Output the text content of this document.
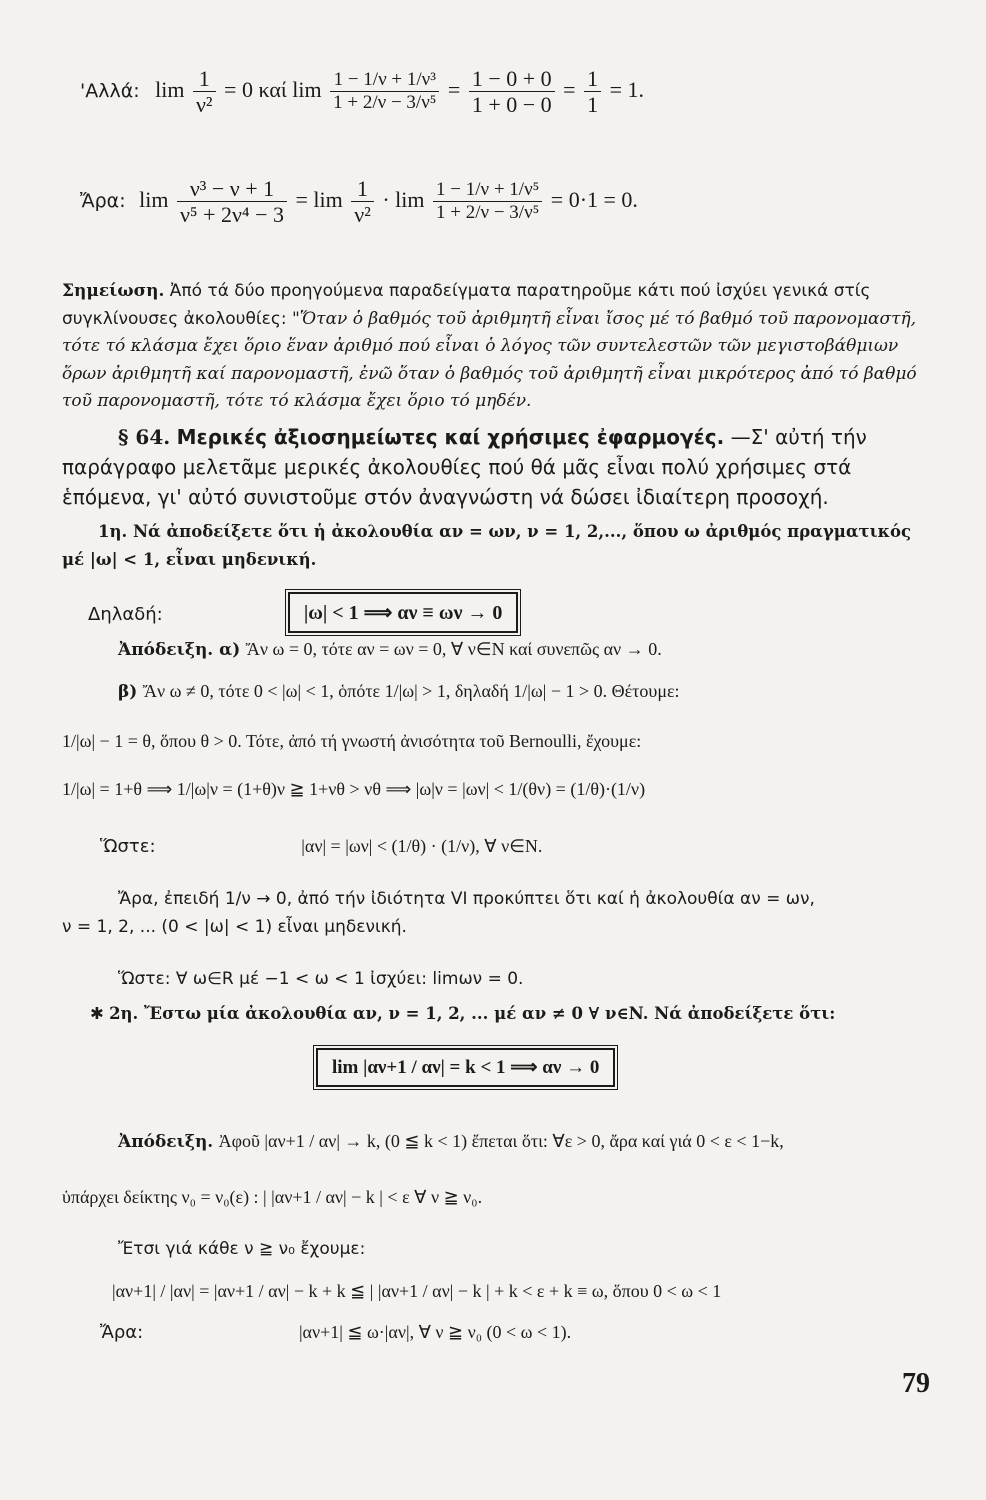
'Αλλά: $\lim \frac{1}{\text{ν²}} = 0$ καί $\lim \frac{\text{1 − 1/ν + 1/ν³}}{\text{1 + 2/ν − 3/ν⁵}} = \frac{1 - 0 + 0}{1 + 0 - 0} = \frac{1}{1} = 1$.
Ἄρα: $\lim \frac{\text{ν³ − ν + 1}}{\text{ν⁵ + 2ν⁴ − 3}} = \lim \frac{1}{\text{ν²}} \cdot \lim \frac{\text{1 − 1/ν + 1/ν⁵}}{\text{1 + 2/ν − 3/ν⁵}} = 0\cdot 1 = 0$.
Σημείωση. Ἀπό τά δύο προηγούμενα παραδείγματα παρατηροῦμε κάτι πού ἰσχύει γενικά στίς συγκλίνουσες ἀκολουθίες: "Ὅταν ὁ βαθμός τοῦ ἀριθμητῆ εἶναι ἴσος μέ τό βαθμό τοῦ παρονομαστῆ, τότε τό κλάσμα ἔχει ὅριο ἕναν ἀριθμό πού εἶναι ὁ λόγος τῶν συντελεστῶν τῶν μεγιστοβάθμιων ὅρων ἀριθμητῆ καί παρονομαστῆ, ἐνῶ ὅταν ὁ βαθμός τοῦ ἀριθμητῆ εἶναι μικρότερος ἀπό τό βαθμό τοῦ παρονομαστῆ, τότε τό κλάσμα ἔχει ὅριο τό μηδέν.
§ 64. Μερικές ἀξιοσημείωτες καί χρήσιμες ἐφαρμογές. —Σ' αὐτή τήν παράγραφο μελετᾶμε μερικές ἀκολουθίες πού θά μᾶς εἶναι πολύ χρήσιμες στά ἑπόμενα, γι' αὐτό συνιστοῦμε στόν ἀναγνώστη νά δώσει ἰδιαίτερη προσοχή.
1η. Νά ἀποδείξετε ὅτι ἡ ἀκολουθία αν = ων, ν = 1, 2,..., ὅπου ω ἀριθμός πραγματικός μέ |ω| < 1, εἶναι μηδενική.
Δηλαδή:	|ω| < 1 ⟹ αν ≡ ων → 0
Ἀπόδειξη. α) Ἄν ω = 0, τότε αν = ων = 0, ∀ ν∈N καί συνεπῶς αν → 0.
β) Ἄν ω ≠ 0, τότε 0 < |ω| < 1, ὁπότε 1/|ω| > 1, δηλαδή 1/|ω| − 1 > 0. Θέτουμε:
1/|ω| − 1 = θ, ὅπου θ > 0. Τότε, ἀπό τή γνωστή ἀνισότητα τοῦ Bernoulli, ἔχουμε:
1/|ω| = 1+θ ⟹ 1/|ω|ν = (1+θ)ν ≧ 1+νθ > νθ ⟹ |ω|ν = |ων| < 1/(θν) = (1/θ)·(1/ν)
Ὥστε:	|αν| = |ων| < (1/θ) · (1/ν), ∀ ν∈N.
Ἄρα, ἐπειδή 1/ν → 0, ἀπό τήν ἰδιότητα VI προκύπτει ὅτι καί ἡ ἀκολουθία αν = ων,
ν = 1, 2, ... (0 < |ω| < 1) εἶναι μηδενική.
Ὥστε: ∀ ω∈R μέ −1 < ω < 1 ἰσχύει: limων = 0.
✱ 2η. Ἔστω μία ἀκολουθία αν, ν = 1, 2, ... μέ αν ≠ 0 ∀ ν∈N. Νά ἀποδείξετε ὅτι:
lim |αν+1 / αν| = k < 1 ⟹ αν → 0
Ἀπόδειξη. Ἀφοῦ |αν+1 / αν| → k, (0 ≦ k < 1) ἔπεται ὅτι: ∀ε > 0, ἄρα καί γιά 0 < ε < 1−k,
ὑπάρχει δείκτης ν₀ = ν₀(ε) : | |αν+1 / αν| − k | < ε ∀ ν ≧ ν₀.
Ἔτσι γιά κάθε ν ≧ ν₀ ἔχουμε:
|αν+1| / |αν| = |αν+1 / αν| − k + k ≦ | |αν+1 / αν| − k | + k < ε + k ≡ ω, ὅπου 0 < ω < 1
Ἄρα:	|αν+1| ≦ ω·|αν|, ∀ ν ≧ ν₀ (0 < ω < 1).
79
